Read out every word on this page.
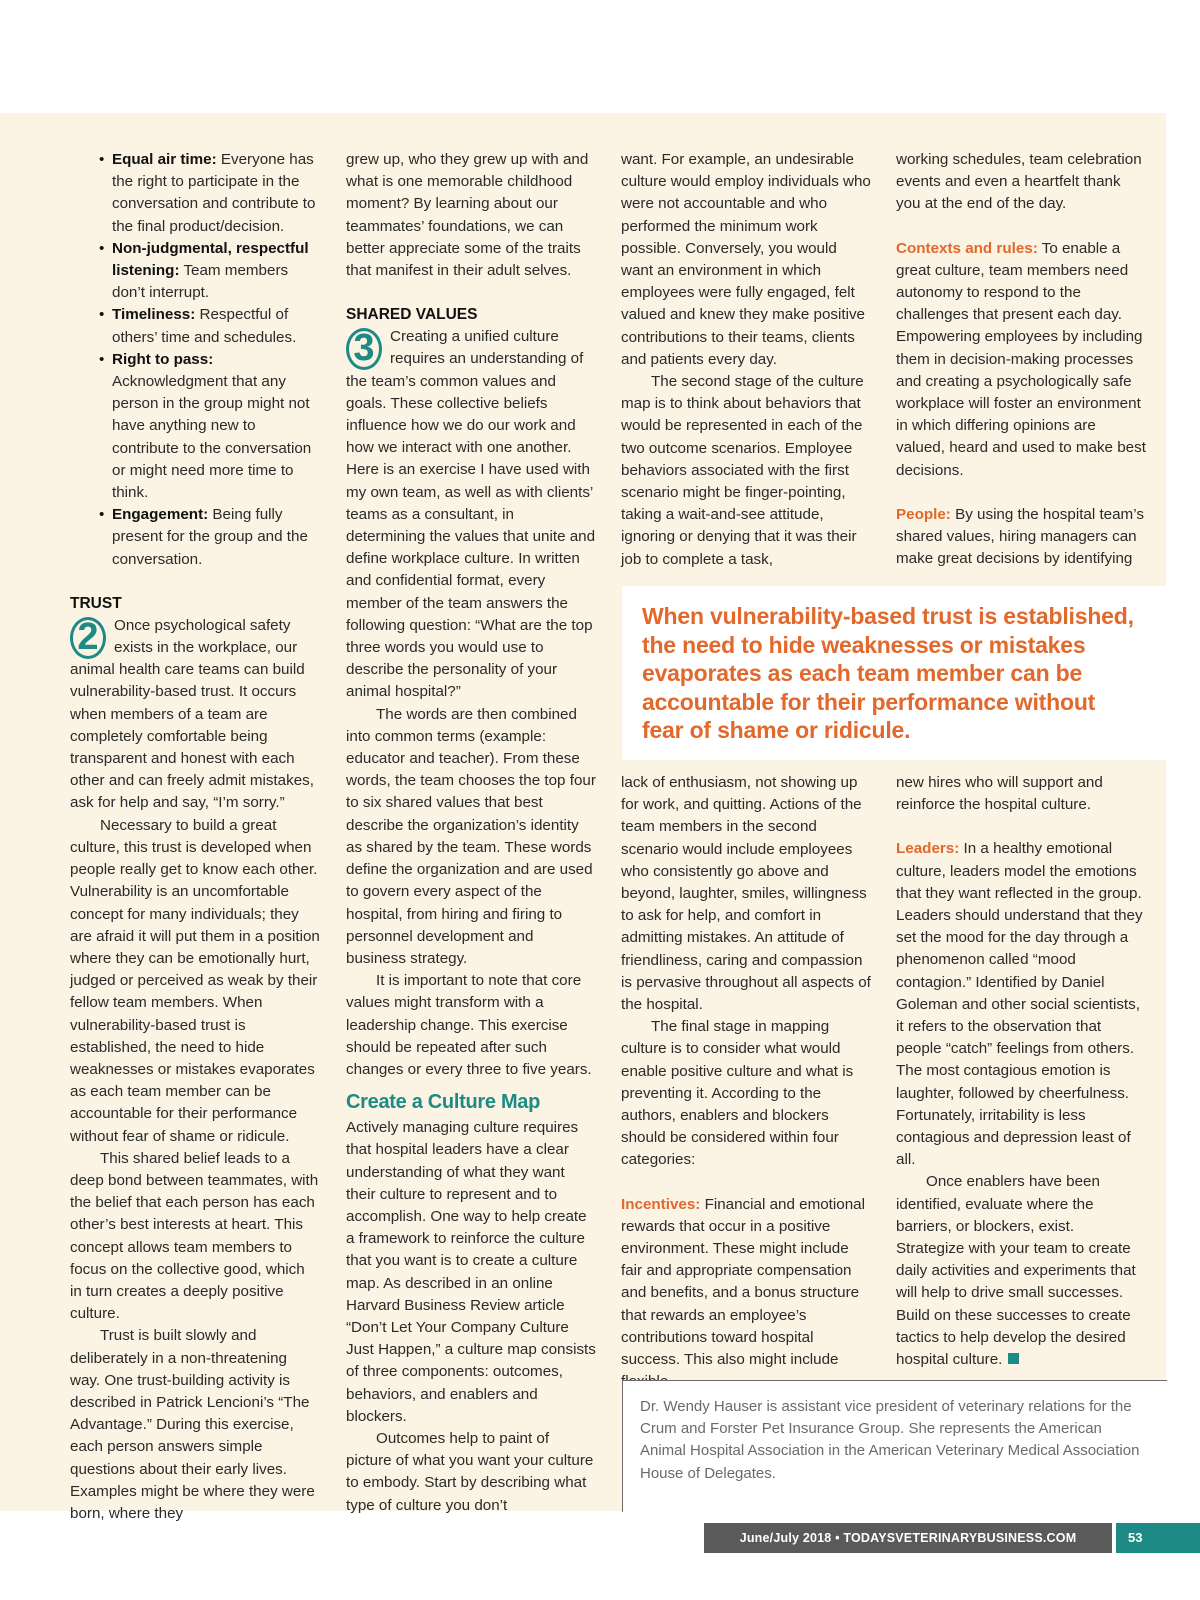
• Equal air time: Everyone has the right to participate in the conversation and contribute to the final product/decision.
• Non-judgmental, respectful listening: Team members don’t interrupt.
• Timeliness: Respectful of others’ time and schedules.
• Right to pass: Acknowledgment that any person in the group might not have anything new to contribute to the conversation or might need more time to think.
• Engagement: Being fully present for the group and the conversation.
TRUST

2	Once psychological safety exists in the workplace, our animal health care teams can build vulnerability-based trust. It occurs when members of a team are completely comfortable being transparent and honest with each other and can freely admit mistakes, ask for help and say, “I’m sorry.”

Necessary to build a great culture, this trust is developed when people really get to know each other. Vulnerability is an uncomfortable concept for many individuals; they are afraid it will put them in a position where they can be emotionally hurt, judged or perceived as weak by their fellow team members. When vulnerability-based trust is established, the need to hide weaknesses or mistakes evaporates as each team member can be accountable for their performance without fear of shame or ridicule.

This shared belief leads to a deep bond between teammates, with the belief that each person has each other’s best interests at heart. This concept allows team members to focus on the collective good, which in turn creates a deeply positive culture.

Trust is built slowly and deliberately in a non-threatening way. One trust-building activity is described in Patrick Lencioni’s “The Advantage.” During this exercise, each person answers simple questions about their early lives. Examples might be where they were born, where they

grew up, who they grew up with and what is one memorable childhood moment? By learning about our teammates’ foundations, we can better appreciate some of the traits that manifest in their adult selves.

SHARED VALUES

3	Creating a unified culture requires an understanding of the team’s common values and goals. These collective beliefs influence how we do our work and how we interact with one another. Here is an exercise I have used with my own team, as well as with clients’ teams as a consultant, in determining the values that unite and define workplace culture. In written and confidential format, every member of the team answers the following question: “What are the top three words you would use to describe the personality of your animal hospital?”

The words are then combined into common terms (example: educator and teacher). From these words, the team chooses the top four to six shared values that best describe the organization’s identity as shared by the team. These words define the organization and are used to govern every aspect of the hospital, from hiring and firing to personnel development and business strategy.

It is important to note that core values might transform with a leadership change. This exercise should be repeated after such changes or every three to five years.

Create a Culture Map

Actively managing culture requires that hospital leaders have a clear understanding of what they want their culture to represent and to accomplish. One way to help create a framework to reinforce the culture that you want is to create a culture map. As described in an online Harvard Business Review article “Don’t Let Your Company Culture Just Happen,” a culture map consists of three components: outcomes, behaviors, and enablers and blockers.

Outcomes help to paint of picture of what you want your culture to embody. Start by describing what type of culture you don’t

want. For example, an undesirable culture would employ individuals who were not accountable and who performed the minimum work possible. Conversely, you would want an environment in which employees were fully engaged, felt valued and knew they make positive contributions to their teams, clients and patients every day.

The second stage of the culture map is to think about behaviors that would be represented in each of the two outcome scenarios. Employee behaviors associated with the first scenario might be finger-pointing, taking a wait-and-see attitude, ignoring or denying that it was their job to complete a task,

working schedules, team celebration events and even a heartfelt thank you at the end of the day.

Contexts and rules: To enable a great culture, team members need autonomy to respond to the challenges that present each day. Empowering employees by including them in decision-making processes and creating a psychologically safe workplace will foster an environment in which differing opinions are valued, heard and used to make best decisions.

People: By using the hospital team’s shared values, hiring managers can make great decisions by identifying

When vulnerability-based trust is established, the need to hide weaknesses or mistakes evaporates as each team member can be accountable for their performance without fear of shame or ridicule.

lack of enthusiasm, not showing up for work, and quitting. Actions of the team members in the second scenario would include employees who consistently go above and beyond, laughter, smiles, willingness to ask for help, and comfort in admitting mistakes. An attitude of friendliness, caring and compassion is pervasive throughout all aspects of the hospital.

The final stage in mapping culture is to consider what would enable positive culture and what is preventing it. According to the authors, enablers and blockers should be considered within four categories:

Incentives: Financial and emotional rewards that occur in a positive environment. These might include fair and appropriate compensation and benefits, and a bonus structure that rewards an employee’s contributions toward hospital success. This also might include

new hires who will support and reinforce the hospital culture.

Leaders: In a healthy emotional culture, leaders model the emotions that they want reflected in the group. Leaders should understand that they set the mood for the day through a phenomenon called “mood contagion.” Identified by Daniel Goleman and other social scientists, it refers to the observation that people “catch” feelings from others. The most contagious emotion is laughter, followed by cheerfulness. Fortunately, irritability is less contagious and depression least of all.

Once enablers have been identified, evaluate where the barriers, or blockers, exist. Strategize with your team to create daily activities and experiments that will help to drive small successes. Build on these successes to create tactics to help develop the desired hospital culture.

Dr. Wendy Hauser is assistant vice president of veterinary relations for the Crum and Forster Pet Insurance Group. She represents the American Animal Hospital Association in the American Veterinary Medical Association House of Delegates.
June/July 2018 • TODAYSVETERINARYBUSINESS.COM	53
